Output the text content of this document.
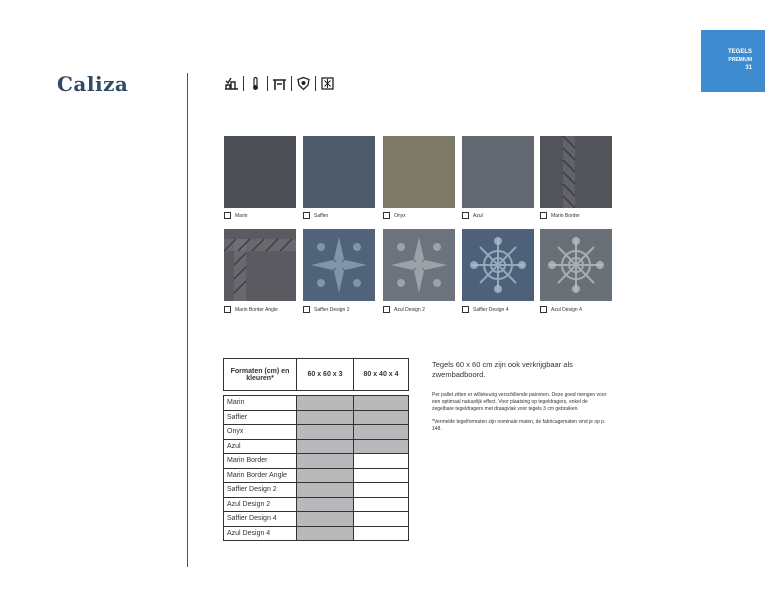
Caliza
TEGELS
PREMIUM
31
Marin	Saffier	Onyx	Azul	Marin Border
Marin Border Angle	Saffier Design 2	Azul Design 2	Saffier Design 4	Azul Design 4
Formaten (cm) en kleuren*	60 x 60 x 3	80 x 40 x 4

Marin		
Saffier		
Onyx		
Azul		
Marin Border		
Marin Border Angle		
Saffier Design 2		
Azul Design 2		
Saffier Design 4		
Azul Design 4		

Tegels 60 x 60 cm zijn ook verkrijgbaar als zwembadboord.

Per pallet zitten er willekeurig verschillende patronen. Deze goed mengen voor een optimaal natuurlijk effect. Voor plaatsing op tegeldragers, enkel de zegelbare tegeldragers met draagvlak voor tegels 3 cm gebruiken.

*Vermelde tegelformaten zijn nominale maten, de fabricagematen vind je op p. 148.
